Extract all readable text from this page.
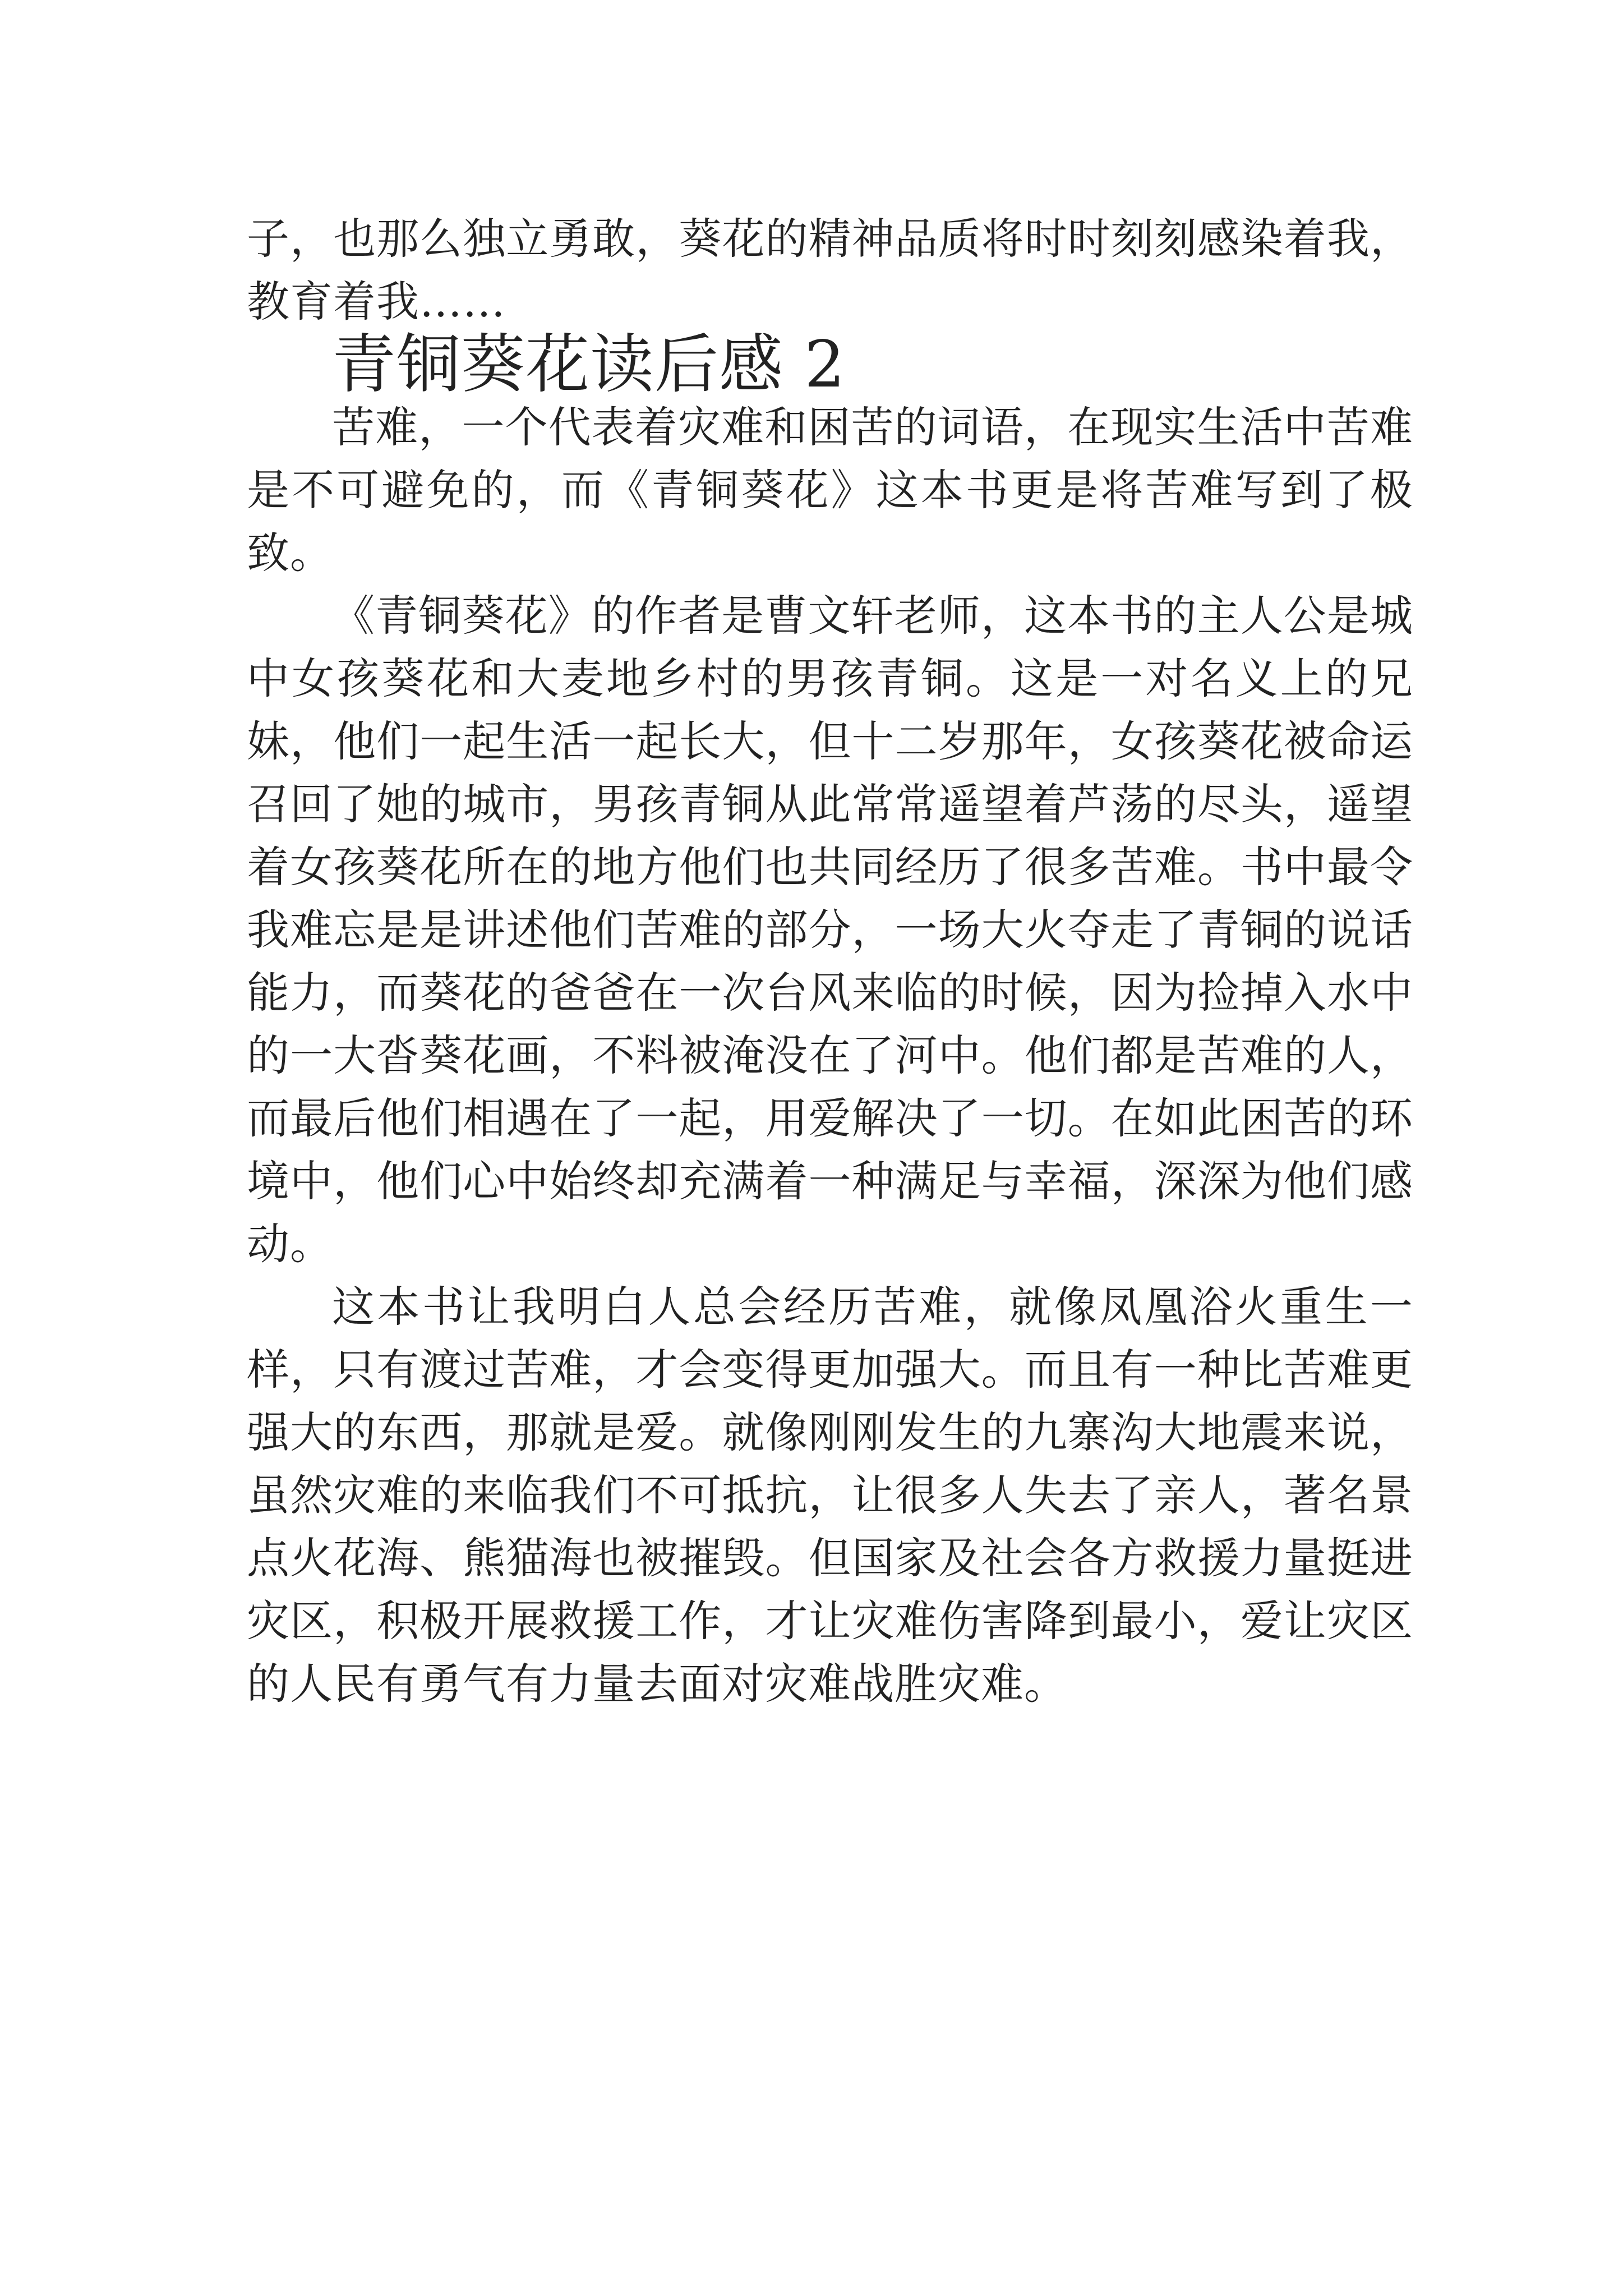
子，也那么独立勇敢，葵花的精神品质将时时刻刻感染着我，教育着我……

青铜葵花读后感 2

苦难，一个代表着灾难和困苦的词语，在现实生活中苦难是不可避免的，而《青铜葵花》这本书更是将苦难写到了极致。

《青铜葵花》的作者是曹文轩老师，这本书的主人公是城中女孩葵花和大麦地乡村的男孩青铜。这是一对名义上的兄妹，他们一起生活一起长大，但十二岁那年，女孩葵花被命运召回了她的城市，男孩青铜从此常常遥望着芦荡的尽头，遥望着女孩葵花所在的地方他们也共同经历了很多苦难。书中最令我难忘是是讲述他们苦难的部分，一场大火夺走了青铜的说话能力，而葵花的爸爸在一次台风来临的时候，因为捡掉入水中的一大沓葵花画，不料被淹没在了河中。他们都是苦难的人，而最后他们相遇在了一起，用爱解决了一切。在如此困苦的环境中，他们心中始终却充满着一种满足与幸福，深深为他们感动。

这本书让我明白人总会经历苦难，就像凤凰浴火重生一样，只有渡过苦难，才会变得更加强大。而且有一种比苦难更强大的东西，那就是爱。就像刚刚发生的九寨沟大地震来说，虽然灾难的来临我们不可抵抗，让很多人失去了亲人，著名景点火花海、熊猫海也被摧毁。但国家及社会各方救援力量挺进灾区，积极开展救援工作，才让灾难伤害降到最小，爱让灾区的人民有勇气有力量去面对灾难战胜灾难。
